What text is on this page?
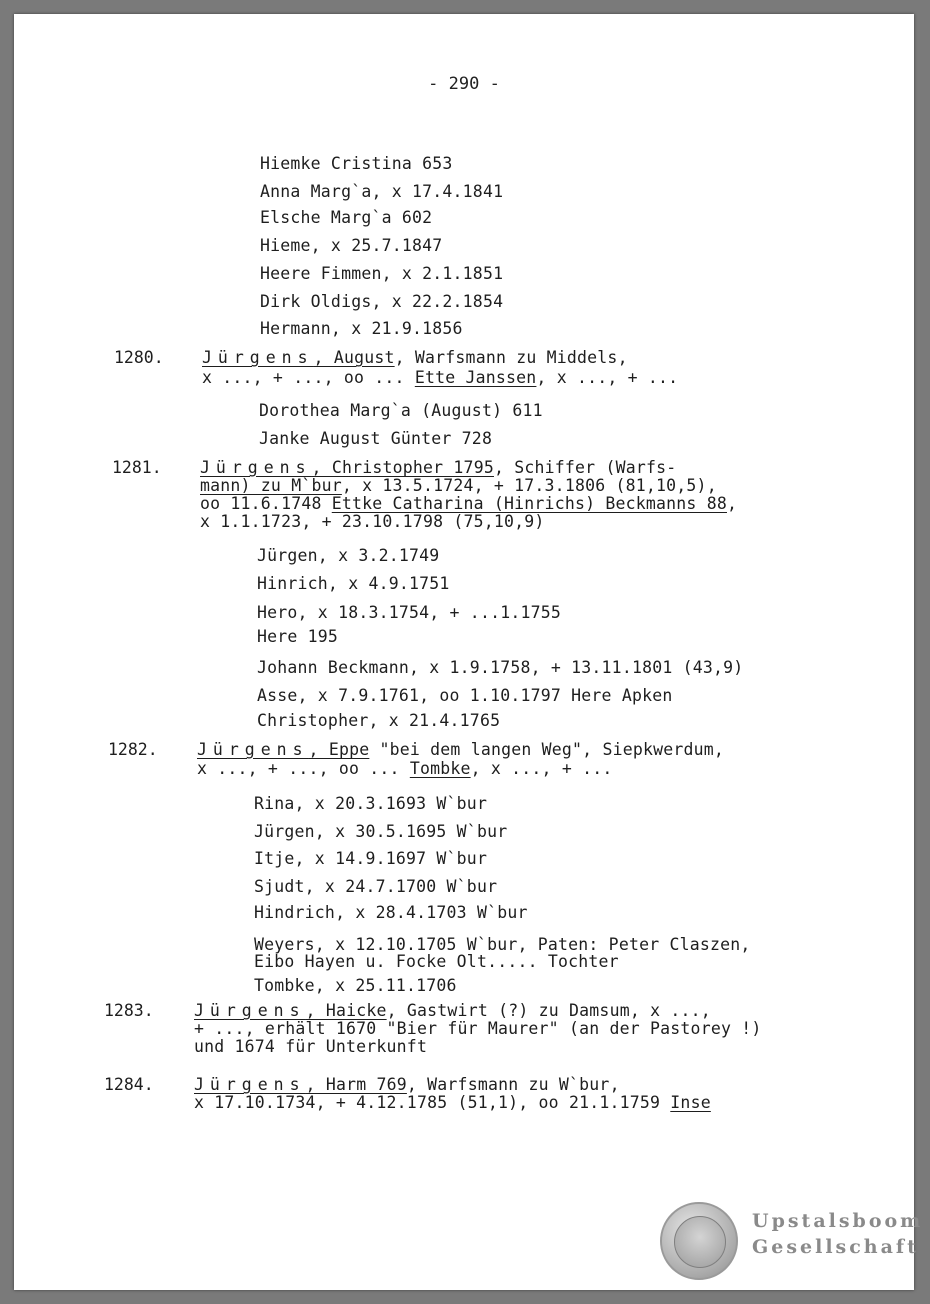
- 290 -
Upstalsboom
Gesellschaft
Hiemke Cristina 653
Anna Marg`a, x 17.4.1841
Elsche Marg`a 602
Hieme, x 25.7.1847
Heere Fimmen, x 2.1.1851
Dirk Oldigs, x 22.2.1854
Hermann, x 21.9.1856
1280. Jürgens, August, Warfsmann zu Middels,
x ..., + ..., oo ... Ette Janssen, x ..., + ...
Dorothea Marg`a (August) 611
Janke August Günter 728
1281. Jürgens, Christopher 1795, Schiffer (Warfs-
mann) zu M`bur, x 13.5.1724, + 17.3.1806 (81,10,5),
oo 11.6.1748 Ettke Catharina (Hinrichs) Beckmanns 88,
x 1.1.1723, + 23.10.1798 (75,10,9)
Jürgen, x 3.2.1749
Hinrich, x 4.9.1751
Hero, x 18.3.1754, + ...1.1755
Here 195
Johann Beckmann, x 1.9.1758, + 13.11.1801 (43,9)
Asse, x 7.9.1761, oo 1.10.1797 Here Apken
Christopher, x 21.4.1765
1282. Jürgens, Eppe "bei dem langen Weg", Siepkwerdum,
x ..., + ..., oo ... Tombke, x ..., + ...
Rina, x 20.3.1693 W`bur
Jürgen, x 30.5.1695 W`bur
Itje, x 14.9.1697 W`bur
Sjudt, x 24.7.1700 W`bur
Hindrich, x 28.4.1703 W`bur
Weyers, x 12.10.1705 W`bur, Paten: Peter Claszen,
Eibo Hayen u. Focke Olt..... Tochter
Tombke, x 25.11.1706
1283. Jürgens, Haicke, Gastwirt (?) zu Damsum, x ...,
+ ..., erhält 1670 "Bier für Maurer" (an der Pastorey !)
und 1674 für Unterkunft
1284. Jürgens, Harm 769, Warfsmann zu W`bur,
x 17.10.1734, + 4.12.1785 (51,1), oo 21.1.1759 Inse
